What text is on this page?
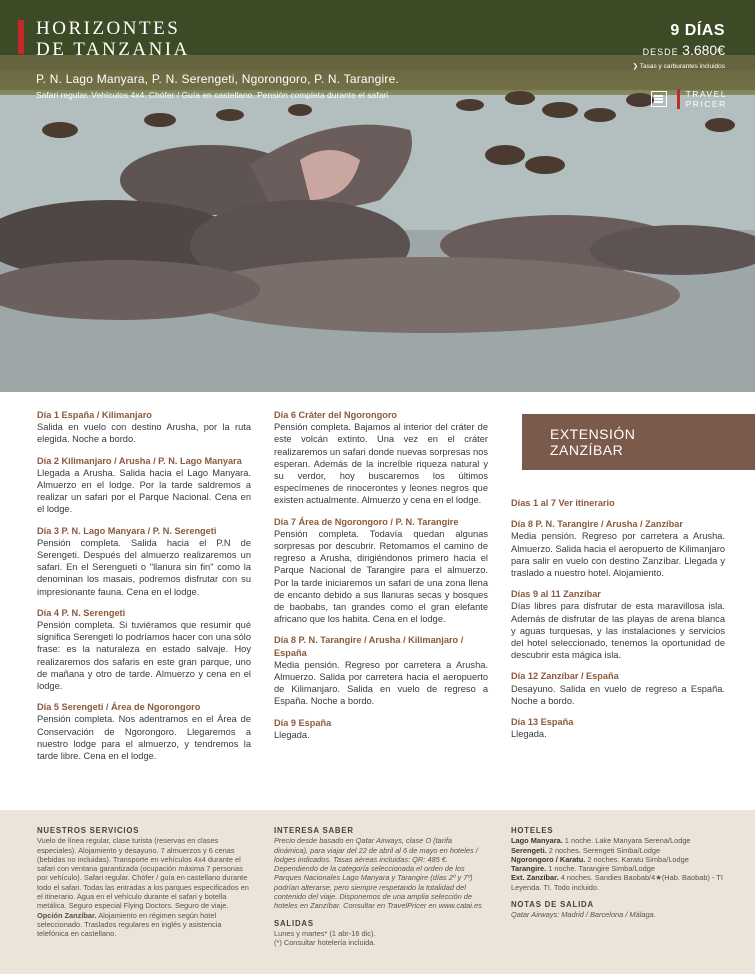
HORIZONTES
DE TANZANIA

P. N. Lago Manyara, P. N. Serengeti, Ngorongoro, P. N. Tarangire.

Safari regular. Vehículos 4x4. Chófer / Guía en castellano. Pensión completa durante el safari

9 DÍAS
DESDE 3.680€
❯ Tasas y carburantes incluidos
TRAVEL
PRICER
Día 1 España / Kilimanjaro
Salida en vuelo con destino Arusha, por la ruta elegida. Noche a bordo.
Día 2 Kilimanjaro / Arusha / P. N. Lago Manyara
Llegada a Arusha. Salida hacia el Lago Manyara. Almuerzo en el lodge. Por la tarde saldremos a realizar un safari por el Parque Nacional. Cena en el lodge.
Día 3 P. N. Lago Manyara / P. N. Serengeti
Pensión completa. Salida hacia el P.N de Serengeti. Después del almuerzo realizaremos un safari. En el Serengueti o "llanura sin fin" como la denominan los masais, podremos disfrutar con su impresionante fauna. Cena en el lodge.
Día 4 P. N. Serengeti
Pensión completa. Si tuviéramos que resumir qué significa Serengeti lo podríamos hacer con una sólo frase: es la naturaleza en estado salvaje. Hoy realizaremos dos safaris en este gran parque, uno de mañana y otro de tarde. Almuerzo y cena en el lodge.
Día 5 Serengeti / Área de Ngorongoro
Pensión completa. Nos adentramos en el Área de Conservación de Ngorongoro. Llegaremos a nuestro lodge para el almuerzo, y tendremos la tarde libre. Cena en el lodge.
Día 6 Cráter del Ngorongoro
Pensión completa. Bajamos al interior del cráter de este volcán extinto. Una vez en el cráter realizaremos un safari donde nuevas sorpresas nos esperan. Además de la increíble riqueza natural y su verdor, hoy buscaremos los últimos especímenes de rinocerontes y leones negros que existen actualmente. Almuerzo y cena en el lodge.
Día 7 Área de Ngorongoro / P. N. Tarangire
Pensión completa. Todavía quedan algunas sorpresas por descubrir. Retomamos el camino de regreso a Arusha, dirigiéndonos primero hacia el Parque Nacional de Tarangire para el almuerzo. Por la tarde iniciaremos un safari de una zona llena de encanto debido a sus llanuras secas y bosques de baobabs, tan grandes como el gran elefante africano que los habita. Cena en el lodge.
Día 8 P. N. Tarangire / Arusha / Kilimanjaro / España
Media pensión. Regreso por carretera a Arusha. Almuerzo. Salida por carretera hacia el aeropuerto de Kilimanjaro. Salida en vuelo de regreso a España. Noche a bordo.
Día 9 España
Llegada.
EXTENSIÓN
ZANZÍBAR
Días 1 al 7 Ver itinerario
Día 8 P. N. Tarangire / Arusha / Zanzíbar
Media pensión. Regreso por carretera a Arusha. Almuerzo. Salida hacia el aeropuerto de Kilimanjaro para salir en vuelo con destino Zanzíbar. Llegada y traslado a nuestro hotel. Alojamiento.
Días 9 al 11 Zanzíbar
Días libres para disfrutar de esta maravillosa isla. Además de disfrutar de las playas de arena blanca y aguas turquesas, y las instalaciones y servicios del hotel seleccionado, tenemos la oportunidad de descubrir esta mágica isla.
Día 12 Zanzíbar / España
Desayuno. Salida en vuelo de regreso a España. Noche a bordo.
Día 13 España
Llegada.
NUESTROS SERVICIOS
Vuelo de línea regular, clase turista (reservas en clases especiales). Alojamiento y desayuno. 7 almuerzos y 6 cenas (bebidas no incluidas). Transporte en vehículos 4x4 durante el safari con ventana garantizada (ocupación máxima 7 personas por vehículo). Safari regular. Chófer / guía en castellano durante todo el safari. Todas las entradas a los parques especificados en el itinerario. Agua en el vehículo durante el safari y botella metálica. Seguro especial Flying Doctors. Seguro de viaje.
Opción Zanzíbar. Alojamiento en régimen según hotel seleccionado. Traslados regulares en inglés y asistencia telefónica en castellano.
INTERESA SABER
Precio desde basado en Qatar Airways, clase O (tarifa dinámica), para viajar del 22 de abril al 6 de mayo en hoteles / lodges indicados. Tasas aéreas incluidas: QR: 485 €. Dependiendo de la categoría seleccionada el orden de los Parques Nacionales Lago Manyara y Tarangire (días 2º y 7º) podrían alterarse, pero siempre respetando la totalidad del contenido del viaje. Disponemos de una amplia selección de hoteles en Zanzíbar. Consultar en TravelPricer en www.catai.es
SALIDAS
Lunes y martes* (1 abr-16 dic).
(*) Consultar hotelería incluida.
HOTELES
Lago Manyara. 1 noche. Lake Manyara Serena/Lodge
Serengeti. 2 noches. Serengeti Simba/Lodge
Ngorongoro / Karatu. 2 noches. Karatu Simba/Lodge
Tarangire. 1 noche. Tarangire Simba/Lodge
Ext. Zanzíbar. 4 noches. Sandies Baobab/4★(Hab. Baobab) - TI
Leyenda. TI. Todo incluido.
NOTAS DE SALIDA
Qatar Airways: Madrid / Barcelona / Málaga.
